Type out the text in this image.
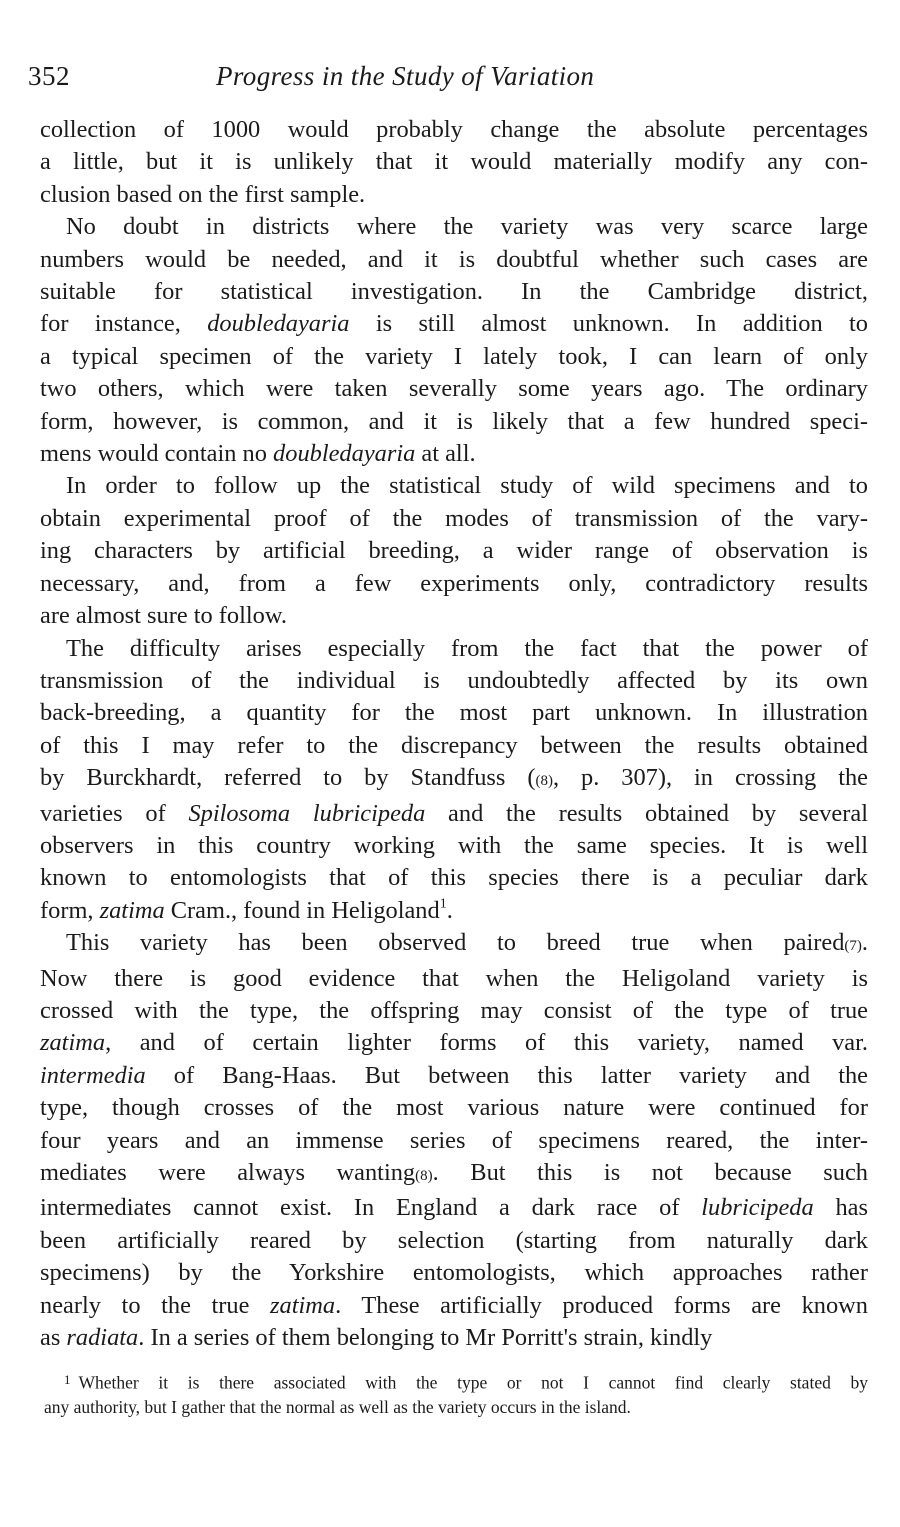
352	Progress in the Study of Variation

collection of 1000 would probably change the absolute percentages
a little, but it is unlikely that it would materially modify any con-
clusion based on the first sample.

No doubt in districts where the variety was very scarce large
numbers would be needed, and it is doubtful whether such cases are
suitable for statistical investigation. In the Cambridge district,
for instance, doubledayaria is still almost unknown. In addition to
a typical specimen of the variety I lately took, I can learn of only
two others, which were taken severally some years ago. The ordinary
form, however, is common, and it is likely that a few hundred speci-
mens would contain no doubledayaria at all.

In order to follow up the statistical study of wild specimens and to
obtain experimental proof of the modes of transmission of the vary-
ing characters by artificial breeding, a wider range of observation is
necessary, and, from a few experiments only, contradictory results
are almost sure to follow.

The difficulty arises especially from the fact that the power of
transmission of the individual is undoubtedly affected by its own
back-breeding, a quantity for the most part unknown. In illustration
of this I may refer to the discrepancy between the results obtained
by Burckhardt, referred to by Standfuss ((8), p. 307), in crossing the
varieties of Spilosoma lubricipeda and the results obtained by several
observers in this country working with the same species. It is well
known to entomologists that of this species there is a peculiar dark
form, zatima Cram., found in Heligoland$^1$.

This variety has been observed to breed true when paired(7).
Now there is good evidence that when the Heligoland variety is
crossed with the type, the offspring may consist of the type of true
zatima, and of certain lighter forms of this variety, named var.
intermedia of Bang-Haas. But between this latter variety and the
type, though crosses of the most various nature were continued for
four years and an immense series of specimens reared, the inter-
mediates were always wanting(8). But this is not because such
intermediates cannot exist. In England a dark race of lubricipeda has
been artificially reared by selection (starting from naturally dark
specimens) by the Yorkshire entomologists, which approaches rather
nearly to the true zatima. These artificially produced forms are known
as radiata. In a series of them belonging to Mr Porritt's strain, kindly

$^1$ Whether it is there associated with the type or not I cannot find clearly stated by
any authority, but I gather that the normal as well as the variety occurs in the island.
